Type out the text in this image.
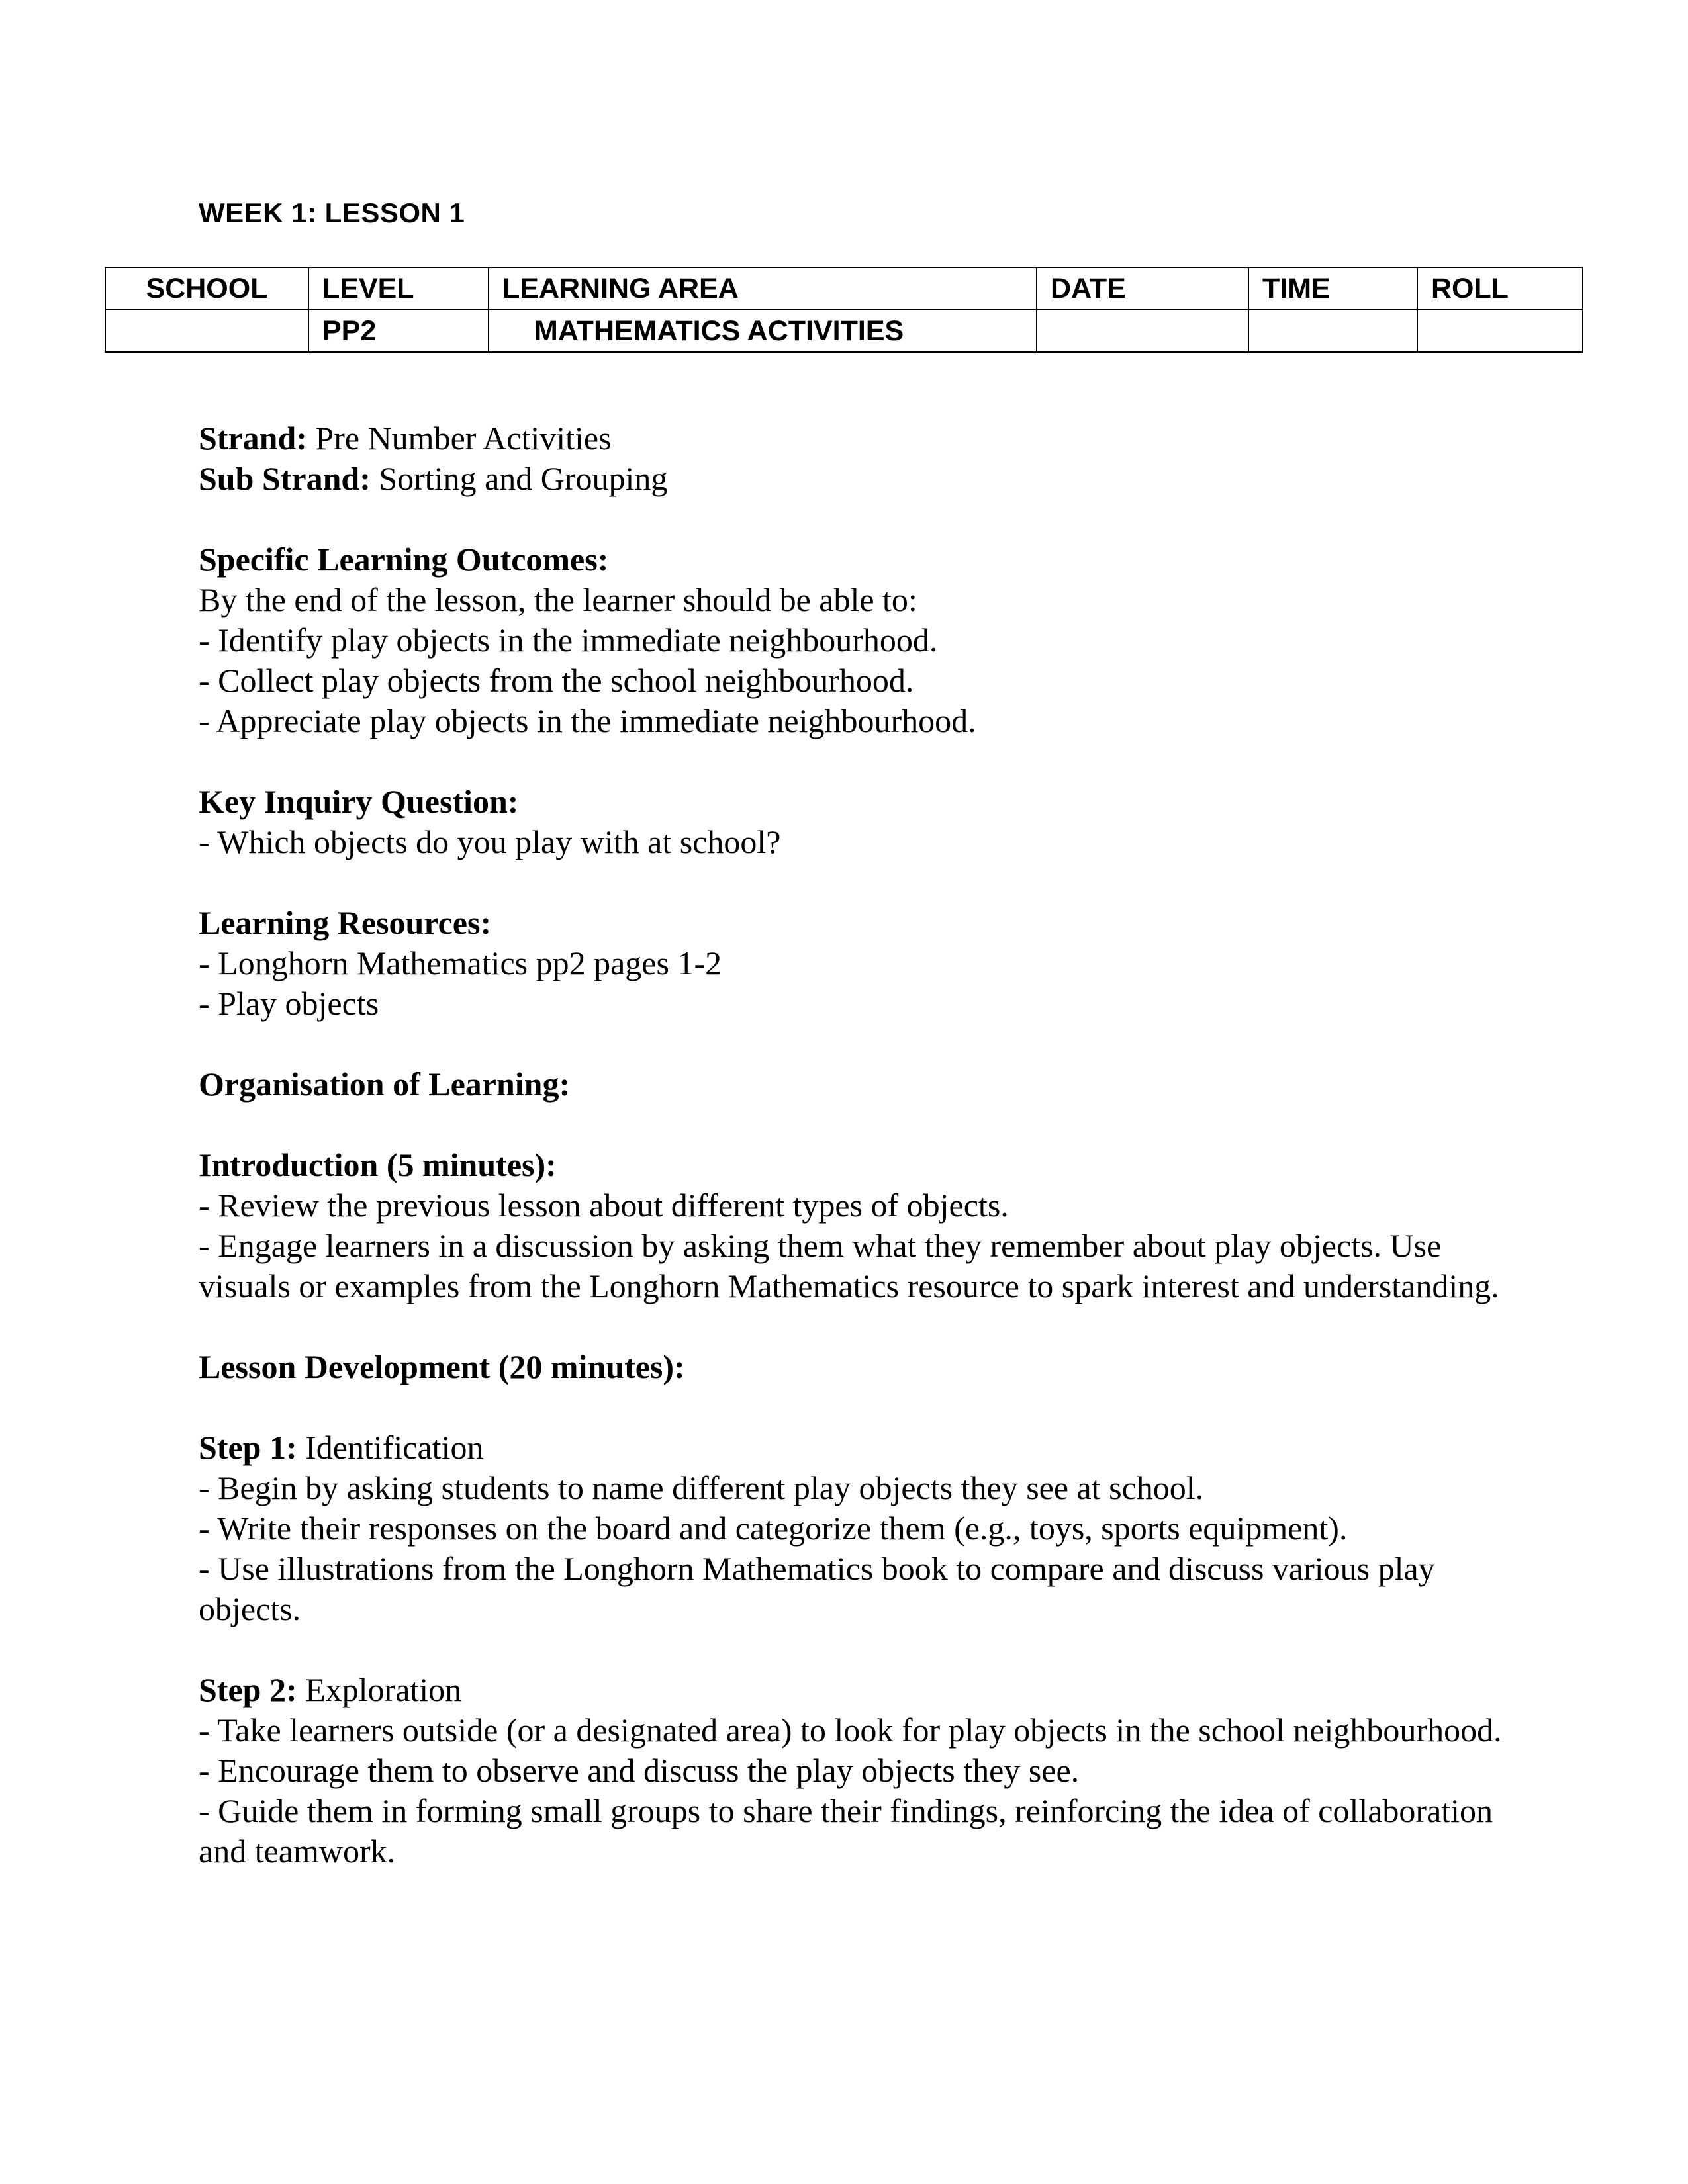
WEEK 1: LESSON 1
SCHOOL	LEVEL	LEARNING AREA	DATE	TIME	ROLL
	PP2	MATHEMATICS ACTIVITIES			

Strand: Pre Number Activities

Sub Strand: Sorting and Grouping

Specific Learning Outcomes:

By the end of the lesson, the learner should be able to:

- Identify play objects in the immediate neighbourhood.

- Collect play objects from the school neighbourhood.

- Appreciate play objects in the immediate neighbourhood.

Key Inquiry Question:

- Which objects do you play with at school?

Learning Resources:

- Longhorn Mathematics pp2 pages 1-2

- Play objects

Organisation of Learning:

Introduction (5 minutes):

- Review the previous lesson about different types of objects.

- Engage learners in a discussion by asking them what they remember about play objects. Use visuals or examples from the Longhorn Mathematics resource to spark interest and understanding.

Lesson Development (20 minutes):

Step 1: Identification

- Begin by asking students to name different play objects they see at school.

- Write their responses on the board and categorize them (e.g., toys, sports equipment).

- Use illustrations from the Longhorn Mathematics book to compare and discuss various play objects.

Step 2: Exploration

- Take learners outside (or a designated area) to look for play objects in the school neighbourhood.

- Encourage them to observe and discuss the play objects they see.

- Guide them in forming small groups to share their findings, reinforcing the idea of collaboration and teamwork.
